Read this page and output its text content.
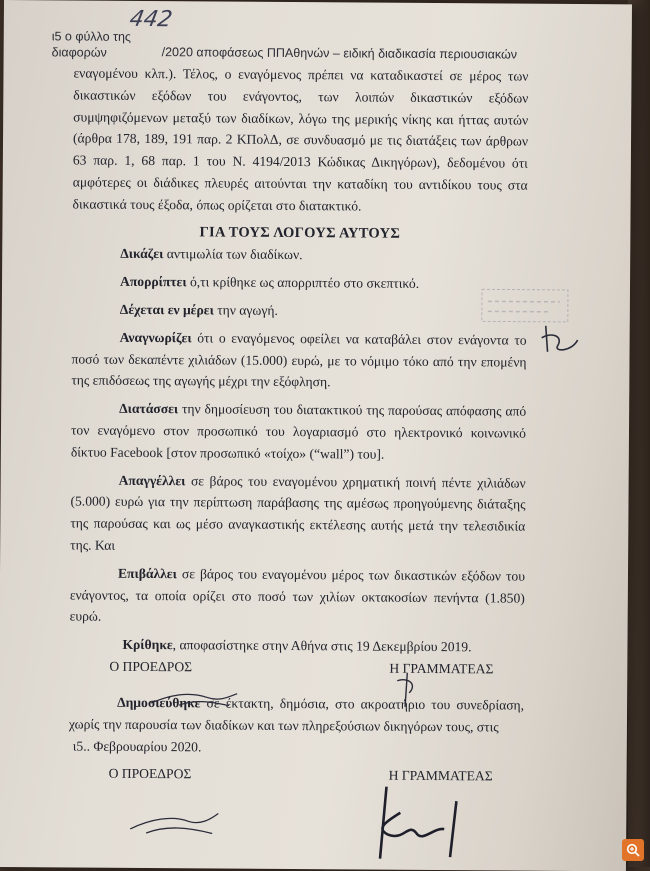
442
ι5 ο φύλλο της
διαφορών	/2020 αποφάσεως ΠΠΑθηνών – ειδική διαδικασία περιουσιακών

εναγομένου κλπ.). Τέλος, ο εναγόμενος πρέπει να καταδικαστεί σε μέρος των δικαστικών εξόδων του ενάγοντος, των λοιπών δικαστικών εξόδων συμψηφιζόμενων μεταξύ των διαδίκων, λόγω της μερικής νίκης και ήττας αυτών (άρθρα 178, 189, 191 παρ. 2 ΚΠολΔ, σε συνδυασμό με τις διατάξεις των άρθρων 63 παρ. 1, 68 παρ. 1 του Ν. 4194/2013 Κώδικας Δικηγόρων), δεδομένου ότι αμφότερες οι διάδικες πλευρές αιτούνται την καταδίκη του αντιδίκου τους στα δικαστικά τους έξοδα, όπως ορίζεται στο διατακτικό.

ΓΙΑ ΤΟΥΣ ΛΟΓΟΥΣ ΑΥΤΟΥΣ

Δικάζει αντιμωλία των διαδίκων.

Απορρίπτει ό,τι κρίθηκε ως απορριπτέο στο σκεπτικό.

Δέχεται εν μέρει την αγωγή.

Αναγνωρίζει ότι ο εναγόμενος οφείλει να καταβάλει στον ενάγοντα το ποσό των δεκαπέντε χιλιάδων (15.000) ευρώ, με το νόμιμο τόκο από την επομένη της επιδόσεως της αγωγής μέχρι την εξόφληση.

Διατάσσει την δημοσίευση του διατακτικού της παρούσας απόφασης από τον εναγόμενο στον προσωπικό του λογαριασμό στο ηλεκτρονικό κοινωνικό δίκτυο Facebook [στον προσωπικό «τοίχο» (“wall”) του].

Απαγγέλλει σε βάρος του εναγομένου χρηματική ποινή πέντε χιλιάδων (5.000) ευρώ για την περίπτωση παράβασης της αμέσως προηγούμενης διάταξης της παρούσας και ως μέσο αναγκαστικής εκτέλεσης αυτής μετά την τελεσιδικία της. Και

Επιβάλλει σε βάρος του εναγομένου μέρος των δικαστικών εξόδων του ενάγοντος, τα οποία ορίζει στο ποσό των χιλίων οκτακοσίων πενήντα (1.850) ευρώ.

Κρίθηκε, αποφασίστηκε στην Αθήνα στις 19 Δεκεμβρίου 2019.

Ο ΠΡΟΕΔΡΟΣ	Η ΓΡΑΜΜΑΤΕΑΣ

Δημοσιεύθηκε σε έκτακτη, δημόσια, στο ακροατήριο του συνεδρίαση, χωρίς την παρουσία των διαδίκων και των πληρεξούσιων δικηγόρων τους, στις

ι5.. Φεβρουαρίου 2020.

Ο ΠΡΟΕΔΡΟΣ	Η ΓΡΑΜΜΑΤΕΑΣ
